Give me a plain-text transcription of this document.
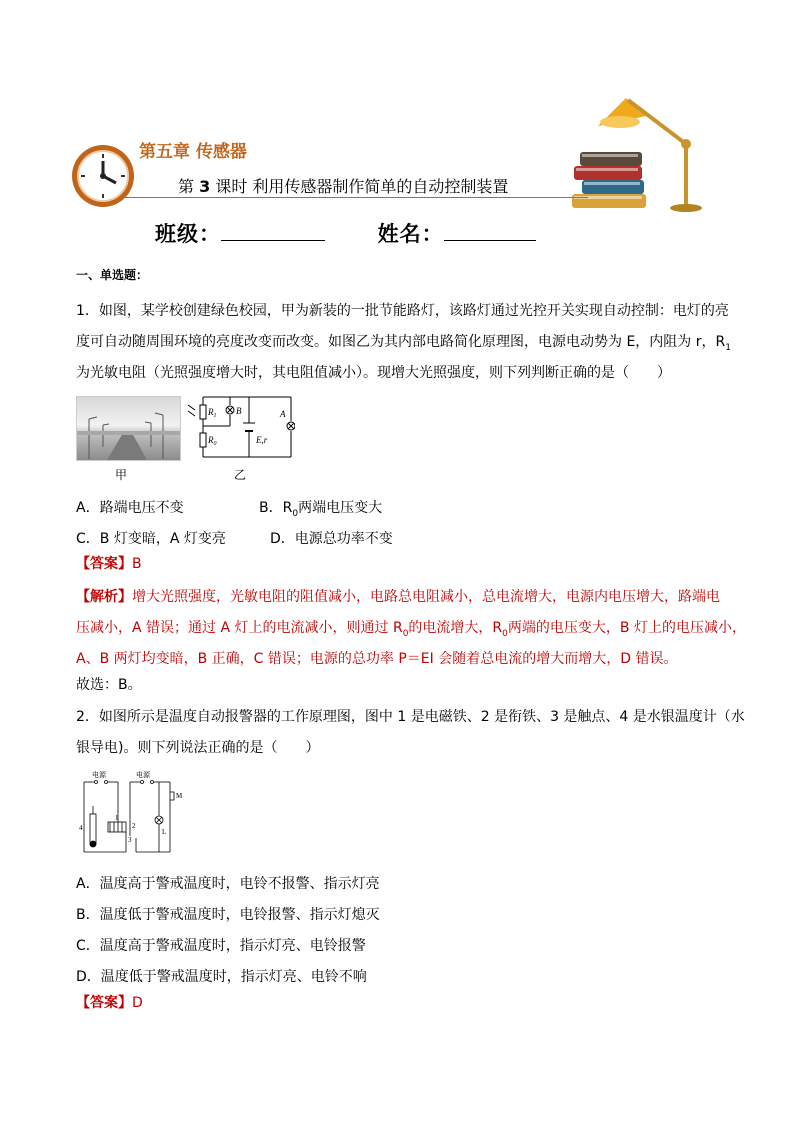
第五章 传感器
第 3 课时 利用传感器制作简单的自动控制装置
班级：	姓名：
一、单选题：
1．如图，某学校创建绿色校园，甲为新装的一批节能路灯，该路灯通过光控开关实现自动控制：电灯的亮
度可自动随周围环境的亮度改变而改变。如图乙为其内部电路简化原理图，电源电动势为 E，内阻为 r，$R_1$
为光敏电阻（光照强度增大时，其电阻值减小）。现增大光照强度，则下列判断正确的是（　　）
甲
$R_1$ B	A
$R_0$	E,r
乙
A．路端电压不变	B．$R_0$两端电压变大
C．B 灯变暗，A 灯变亮	D．电源总功率不变
【答案】B
【解析】增大光照强度，光敏电阻的阻值减小，电路总电阻减小，总电流增大，电源内电压增大，路端电
压减小，A 错误；通过 A 灯上的电流减小，则通过 $R_0$的电流增大，$R_0$两端的电压变大，B 灯上的电压减小，
A、B 两灯均变暗，B 正确，C 错误；电源的总功率 P＝EI 会随着总电流的增大而增大，D 错误。
故选：B。
2．如图所示是温度自动报警器的工作原理图，图中 1 是电磁铁、2 是衔铁、3 是触点、4 是水银温度计（水
银导电)。则下列说法正确的是（　　）
电源	电源
4
1
2
3
M
L
A．温度高于警戒温度时，电铃不报警、指示灯亮
B．温度低于警戒温度时，电铃报警、指示灯熄灭
C．温度高于警戒温度时，指示灯亮、电铃报警
D．温度低于警戒温度时，指示灯亮、电铃不响
【答案】D
